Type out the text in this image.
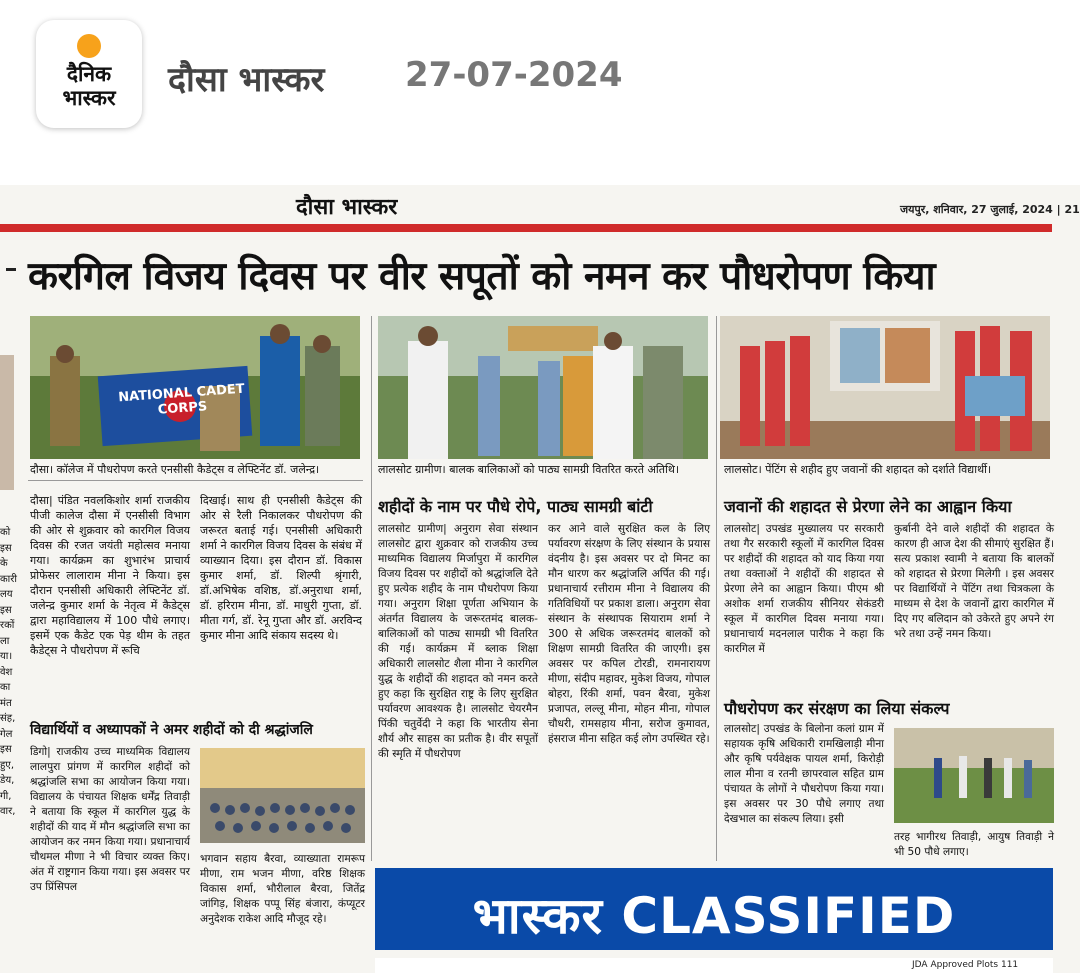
दैनिक
भास्कर	दौसा भास्कर 27-07-2024
दौसा भास्कर	जयपुर, शनिवार, 27 जुलाई, 2024 | 21
करगिल विजय दिवस पर वीर सपूतों को नमन कर पौधरोपण किया
को
इस
के
कारी
लय
इस
रकों
ला
या।
वेश
का
मंत
संह,
गेल
इस
हुए,
डेय,
गी,
वार,
NATIONAL CADET CORPS
दौसा। कॉलेज में पौधरोपण करते एनसीसी कैडेट्स व लेफ्टिनेंट डॉ. जलेन्द्र।	लालसोट ग्रामीण। बालक बालिकाओं को पाठ्य सामग्री वितरित करते अतिथि।	लालसोट। पेंटिंग से शहीद हुए जवानों की शहादत को दर्शाते विद्यार्थी।
दौसा| पंडित नवलकिशोर शर्मा राजकीय पीजी कालेज दौसा में एनसीसी विभाग की ओर से शुक्रवार को कारगिल विजय दिवस की रजत जयंती महोत्सव मनाया गया। कार्यक्रम का शुभारंभ प्राचार्य प्रोफेसर लालाराम मीना ने किया। इस दौरान एनसीसी अधिकारी लेफ्टिनेंट डॉ. जलेन्द्र कुमार शर्मा के नेतृत्व में कैडेट्स द्वारा महाविद्यालय में 100 पौधे लगाए। इसमें एक कैडेट एक पेड़ थीम के तहत कैडेट्स ने पौधरोपण में रूचि
दिखाई। साथ ही एनसीसी कैडेट्स की ओर से रैली निकालकर पौधरोपण की जरूरत बताई गई। एनसीसी अधिकारी शर्मा ने कारगिल विजय दिवस के संबंध में व्याख्यान दिया। इस दौरान डॉ. विकास कुमार शर्मा, डॉ. शिल्पी श्रृंगारी, डॉ.अभिषेक वशिष्ठ, डॉ.अनुराधा शर्मा, डॉ. हरिराम मीना, डॉ. माधुरी गुप्ता, डॉ. मीता गर्ग, डॉ. रेनू गुप्ता और डॉ. अरविन्द कुमार मीना आदि संकाय सदस्य थे।
विद्यार्थियों व अध्यापकों ने अमर शहीदों को दी श्रद्धांजलि
डिगो| राजकीय उच्च माध्यमिक विद्यालय लालपुरा प्रांगण में कारगिल शहीदों को श्रद्धांजलि सभा का आयोजन किया गया। विद्यालय के पंचायत शिक्षक धर्मेंद्र तिवाड़ी ने बताया कि स्कूल में कारगिल युद्ध के शहीदों की याद में मौन श्रद्धांजलि सभा का आयोजन कर नमन किया गया। प्रधानाचार्य चौथमल मीणा ने भी विचार व्यक्त किए। अंत में राष्ट्रगान किया गया। इस अवसर पर उप प्रिंसिपल
भगवान सहाय बैरवा, व्याख्याता रामरूप मीणा, राम भजन मीणा, वरिष्ठ शिक्षक विकास शर्मा, भौरीलाल बैरवा, जितेंद्र जांगिड़, शिक्षक पप्पू सिंह बंजारा, कंप्यूटर अनुदेशक राकेश आदि मौजूद रहे।
शहीदों के नाम पर पौधे रोपे, पाठ्य सामग्री बांटी
लालसोट ग्रामीण| अनुराग सेवा संस्थान लालसोट द्वारा शुक्रवार को राजकीय उच्च माध्यमिक विद्यालय मिर्जापुरा में कारगिल विजय दिवस पर शहीदों को श्रद्धांजलि देते हुए प्रत्येक शहीद के नाम पौधरोपण किया गया। अनुराग शिक्षा पूर्णता अभियान के अंतर्गत विद्यालय के जरूरतमंद बालक-बालिकाओं को पाठ्य सामग्री भी वितरित की गई। कार्यक्रम में ब्लाक शिक्षा अधिकारी लालसोट शैला मीना ने कारगिल युद्ध के शहीदों की शहादत को नमन करते हुए कहा कि सुरक्षित राष्ट्र के लिए सुरक्षित पर्यावरण आवश्यक है। लालसोट चेयरमैन पिंकी चतुर्वेदी ने कहा कि भारतीय सेना शौर्य और साहस का प्रतीक है। वीर सपूतों की स्मृति में पौधरोपण
कर आने वाले सुरक्षित कल के लिए पर्यावरण संरक्षण के लिए संस्थान के प्रयास वंदनीय है। इस अवसर पर दो मिनट का मौन धारण कर श्रद्धांजलि अर्पित की गई। प्रधानाचार्य रत्तीराम मीना ने विद्यालय की गतिविधियों पर प्रकाश डाला। अनुराग सेवा संस्थान के संस्थापक सियाराम शर्मा ने 300 से अधिक जरूरतमंद बालकों को शिक्षण सामग्री वितरित की जाएगी। इस अवसर पर कपिल टोरडी, रामनारायण मीणा, संदीप महावर, मुकेश विजय, गोपाल बोहरा, रिंकी शर्मा, पवन बैरवा, मुकेश प्रजापत, लल्लू मीना, मोहन मीना, गोपाल चौधरी, रामसहाय मीना, सरोज कुमावत, हंसराज मीना सहित कई लोग उपस्थित रहे।
जवानों की शहादत से प्रेरणा लेने का आह्वान किया
लालसोट| उपखंड मुख्यालय पर सरकारी तथा गैर सरकारी स्कूलों में कारगिल दिवस पर शहीदों की शहादत को याद किया गया तथा वक्ताओं ने शहीदों की शहादत से प्रेरणा लेने का आह्वान किया। पीएम श्री अशोक शर्मा राजकीय सीनियर सेकंडरी स्कूल में कारगिल दिवस मनाया गया। प्रधानाचार्य मदनलाल पारीक ने कहा कि कारगिल में
कुर्बानी देने वाले शहीदों की शहादत के कारण ही आज देश की सीमाएं सुरक्षित हैं। सत्य प्रकाश स्वामी ने बताया कि बालकों को शहादत से प्रेरणा मिलेगी । इस अवसर पर विद्यार्थियों ने पेंटिंग तथा चित्रकला के माध्यम से देश के जवानों द्वारा कारगिल में दिए गए बलिदान को उकेरते हुए अपने रंग भरे तथा उन्हें नमन किया।
पौधरोपण कर संरक्षण का लिया संकल्प
लालसोट| उपखंड के बिलोना कलां ग्राम में सहायक कृषि अधिकारी रामखिलाड़ी मीना और कृषि पर्यवेक्षक पायल शर्मा, किरोड़ी लाल मीना व रतनी छापरवाल सहित ग्राम पंचायत के लोगों ने पौधरोपण किया गया। इस अवसर पर 30 पौधे लगाए तथा देखभाल का संकल्प लिया। इसी
तरह भागीरथ तिवाड़ी, आयुष तिवाड़ी ने भी 50 पौधे लगाए।
भास्कर CLASSIFIED
JDA Approved Plots 111
